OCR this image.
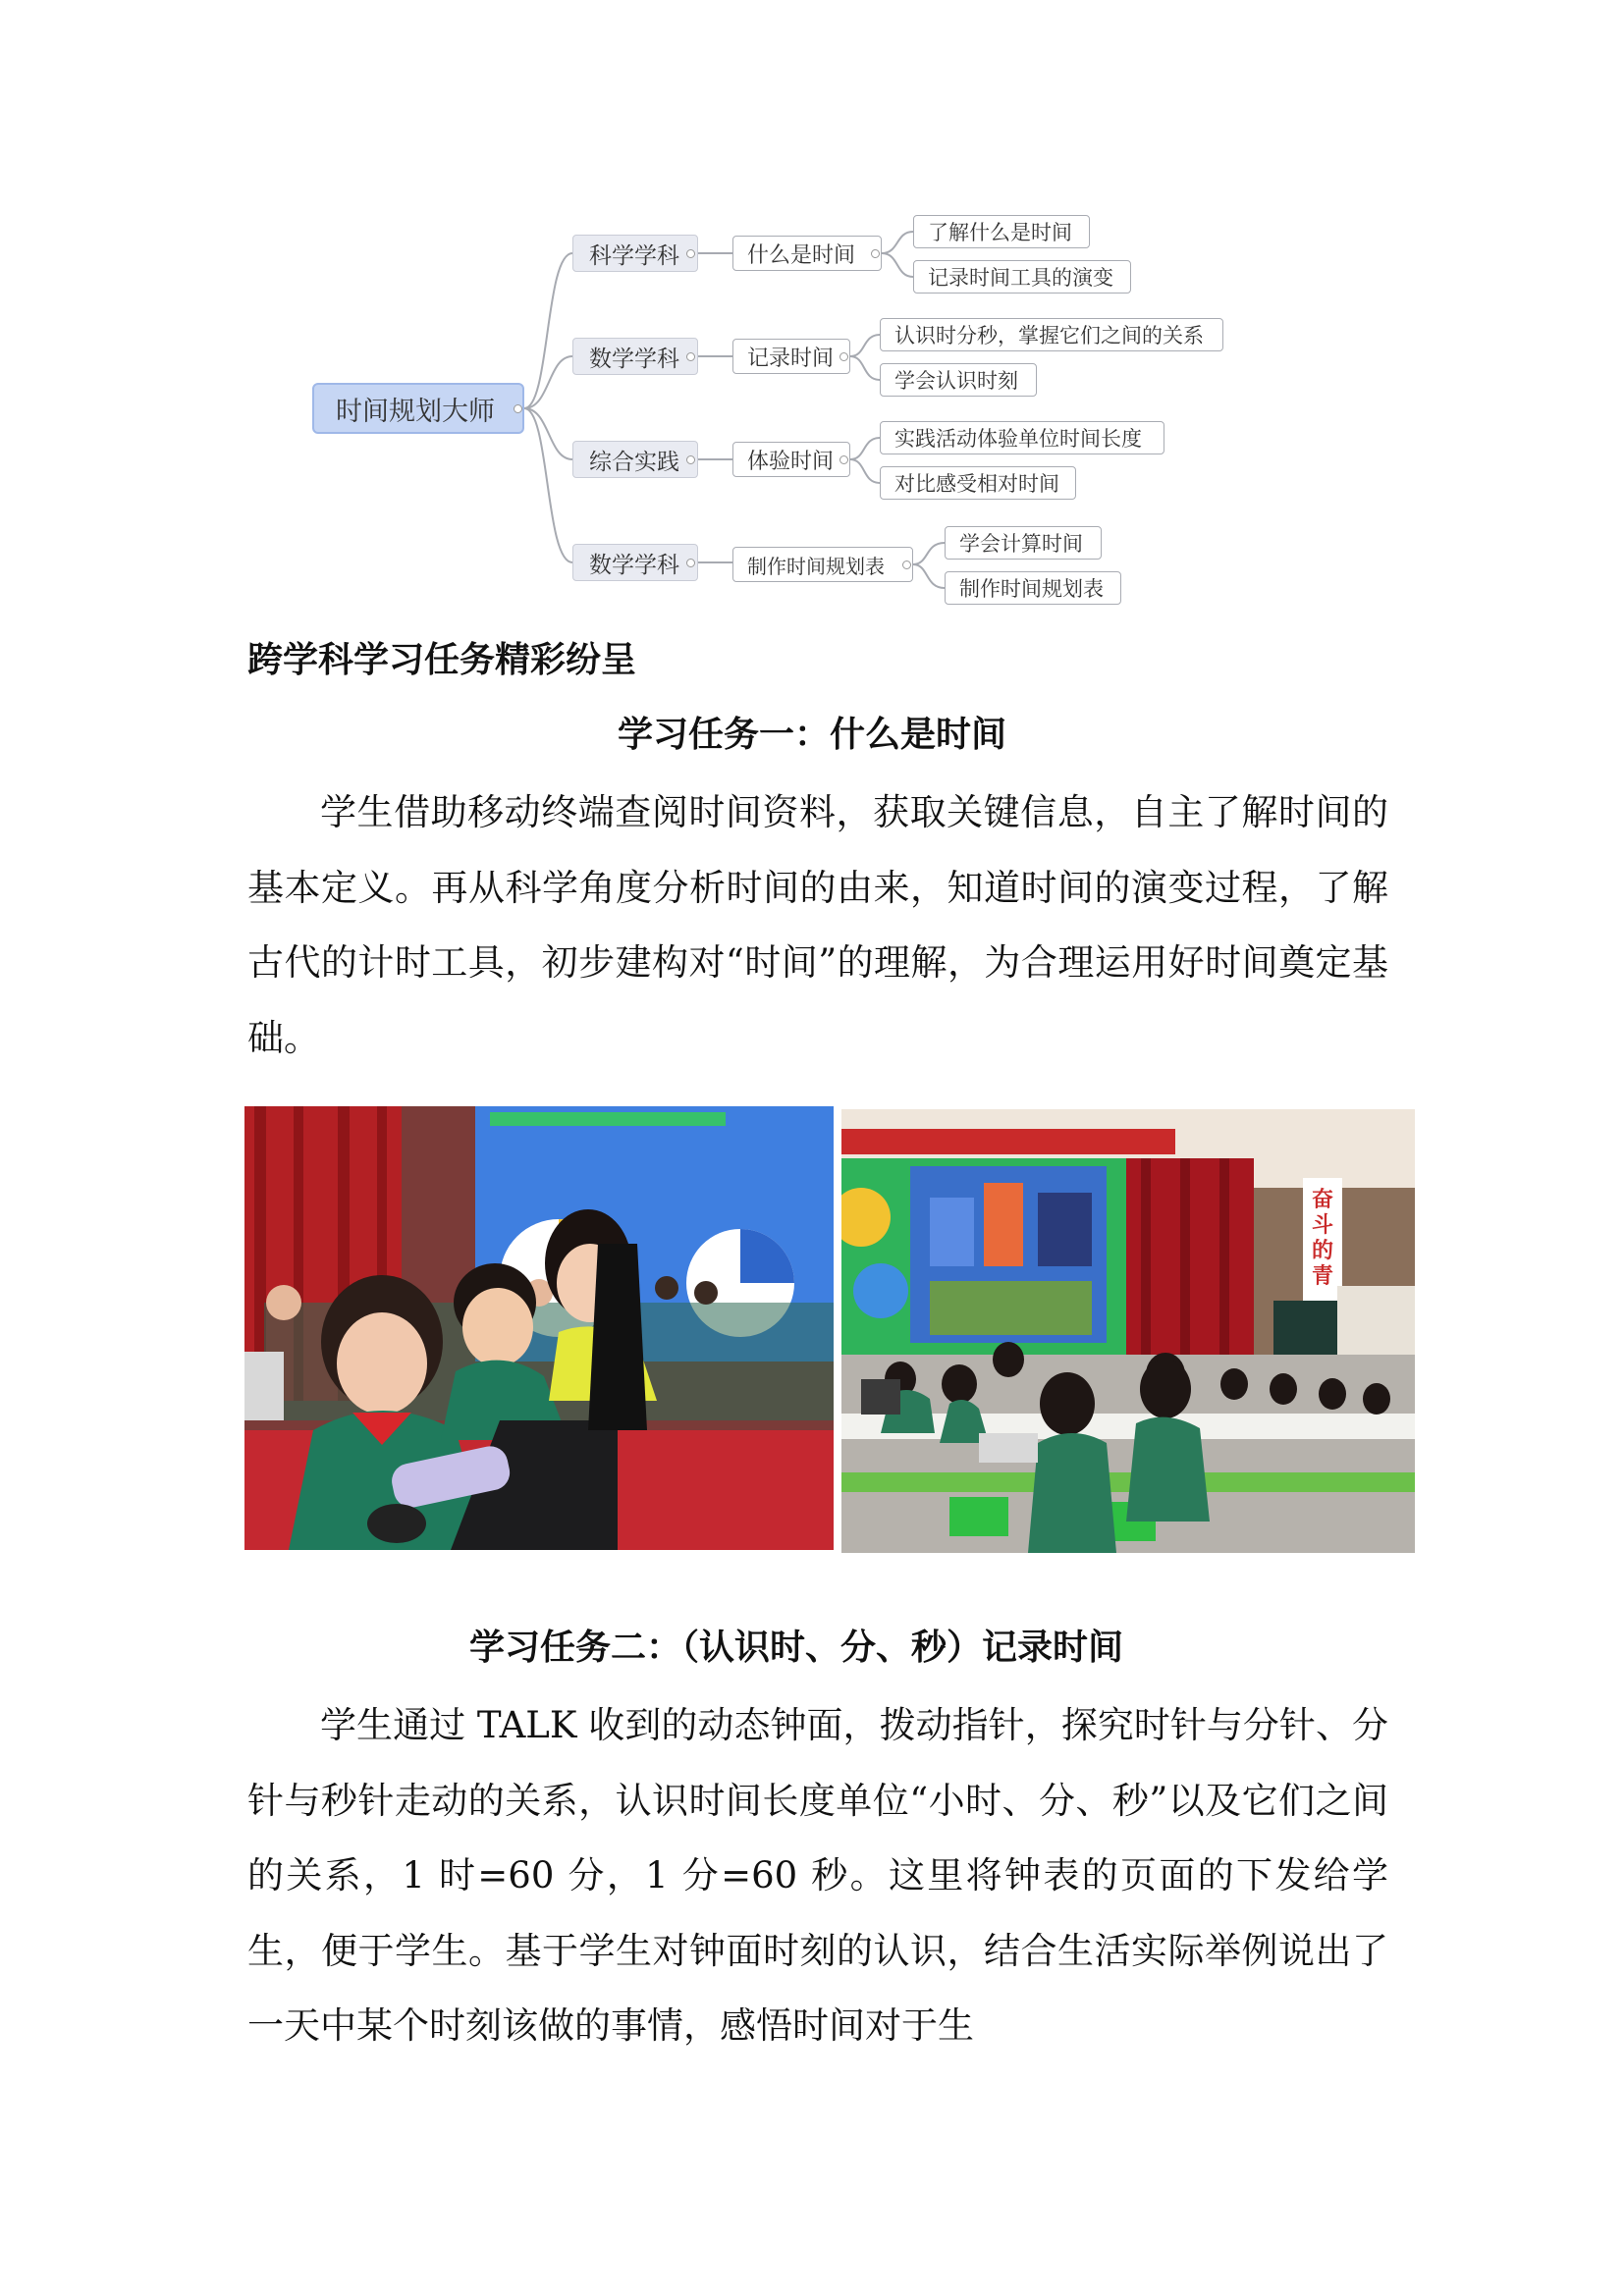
时间规划大师
科学学科	什么是时间
了解什么是时间
记录时间工具的演变
数学学科	记录时间
认识时分秒，掌握它们之间的关系
学会认识时刻
综合实践	体验时间
实践活动体验单位时间长度
对比感受相对时间
数学学科	制作时间规划表
学会计算时间
制作时间规划表
跨学科学习任务精彩纷呈
学习任务一：什么是时间

学生借助移动终端查阅时间资料，获取关键信息，自主了解时间的基本定义。再从科学角度分析时间的由来，知道时间的演变过程，了解古代的计时工具，初步建构对“时间”的理解，为合理运用好时间奠定基础。

奋斗的青
学习任务二：（认识时、分、秒）记录时间

学生通过 TALK 收到的动态钟面，拨动指针，探究时针与分针、分针与秒针走动的关系，认识时间长度单位“小时、分、秒”以及它们之间的关系，1 时=60 分，1 分=60 秒。这里将钟表的页面的下发给学生，便于学生。基于学生对钟面时刻的认识，结合生活实际举例说出了一天中某个时刻该做的事情，感悟时间对于生
